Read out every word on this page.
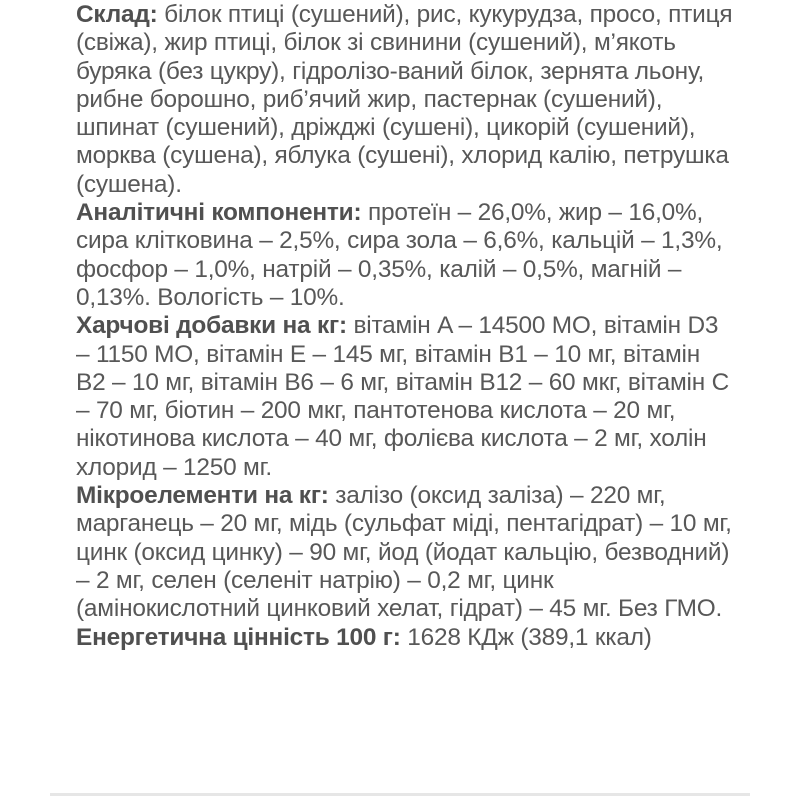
Склад: білок птиці (сушений), рис, кукурудза, просо, птиця (свіжа), жир птиці, білок зі свинини (сушений), м’якоть буряка (без цукру), гідролізо-ваний білок, зернята льону, рибне борошно, риб’ячий жир, пастернак (сушений), шпинат (сушений), дріжджі (сушені), цикорій (сушений), морква (сушена), яблука (сушені), хлорид калію, петрушка (сушена).

Аналітичні компоненти: протеїн – 26,0%, жир – 16,0%, сира клітковина – 2,5%, сира зола – 6,6%, кальцій – 1,3%, фосфор – 1,0%, натрій – 0,35%, калій – 0,5%, магній – 0,13%. Вологість – 10%.

Харчові добавки на кг: вітамін A – 14500 МО, вітамін D3 – 1150 МО, вітамін E – 145 мг, вітамін B1 – 10 мг, вітамін B2 – 10 мг, вітамін B6 – 6 мг, вітамін B12 – 60 мкг, вітамін C – 70 мг, біотин – 200 мкг, пантотенова кислота – 20 мг, нікотинова кислота – 40 мг, фолієва кислота – 2 мг, холін хлорид – 1250 мг.

Мікроелементи на кг: залізо (оксид заліза) – 220 мг, марганець – 20 мг, мідь (сульфат міді, пентагідрат) – 10 мг, цинк (оксид цинку) – 90 мг, йод (йодат кальцію, безводний) – 2 мг, селен (селеніт натрію) – 0,2 мг, цинк (амінокислотний цинковий хелат, гідрат) – 45 мг. Без ГМО.

Енергетична цінність 100 г: 1628 КДж (389,1 ккал)
